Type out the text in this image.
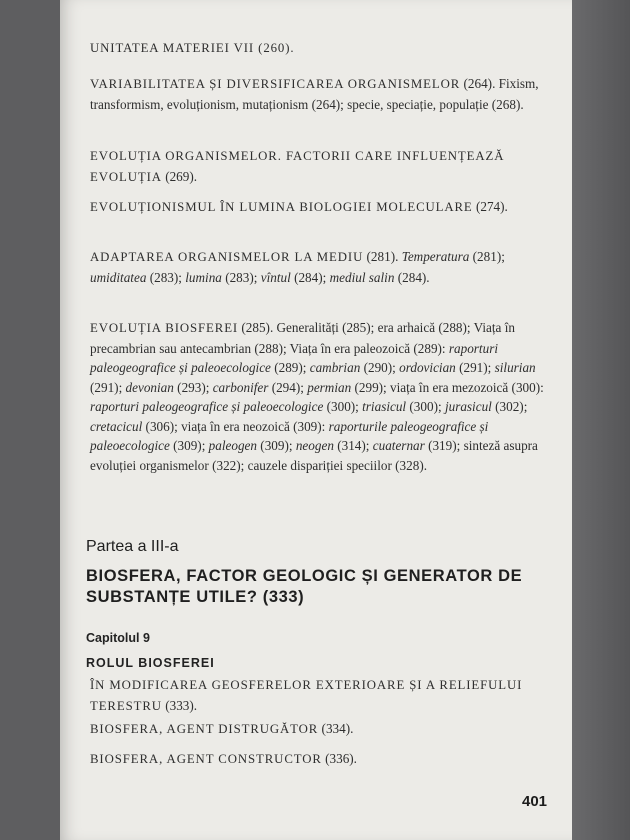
UNITATEA MATERIEI VII (260).
VARIABILITATEA ȘI DIVERSIFICAREA ORGANISMELOR (264). Fixism, transformism, evoluționism, mutaționism (264); specie, speciație, populație (268).
EVOLUȚIA ORGANISMELOR. FACTORII CARE INFLUENȚEAZĂ EVOLUȚIA (269).
EVOLUȚIONISMUL ÎN LUMINA BIOLOGIEI MOLECULARE (274).
ADAPTAREA ORGANISMELOR LA MEDIU (281). Temperatura (281); umiditatea (283); lumina (283); vîntul (284); mediul salin (284).
EVOLUȚIA BIOSFEREI (285). Generalități (285); era arhaică (288); Viața în precambrian sau antecambrian (288); Viața în era paleozoică (289): raporturi paleogeografice și paleoecologice (289); cambrian (290); ordovician (291); silurian (291); devonian (293); carbonifer (294); permian (299); viața în era mezozoică (300): raporturi paleogeografice și paleoecologice (300); triasicul (300); jurasicul (302); cretacicul (306); viața în era neozoică (309): raporturile paleogeografice și paleoecologice (309); paleogen (309); neogen (314); cuaternar (319); sinteză asupra evoluției organismelor (322); cauzele dispariției speciilor (328).
Partea a III-a
BIOSFERA, FACTOR GEOLOGIC ȘI GENERATOR DE SUBSTANȚE UTILE? (333)
Capitolul 9
ROLUL BIOSFEREI
ÎN MODIFICAREA GEOSFERELOR EXTERIOARE ȘI A RELIEFULUI TERESTRU (333).
BIOSFERA, AGENT DISTRUGĂTOR (334).
BIOSFERA, AGENT CONSTRUCTOR (336).
401
